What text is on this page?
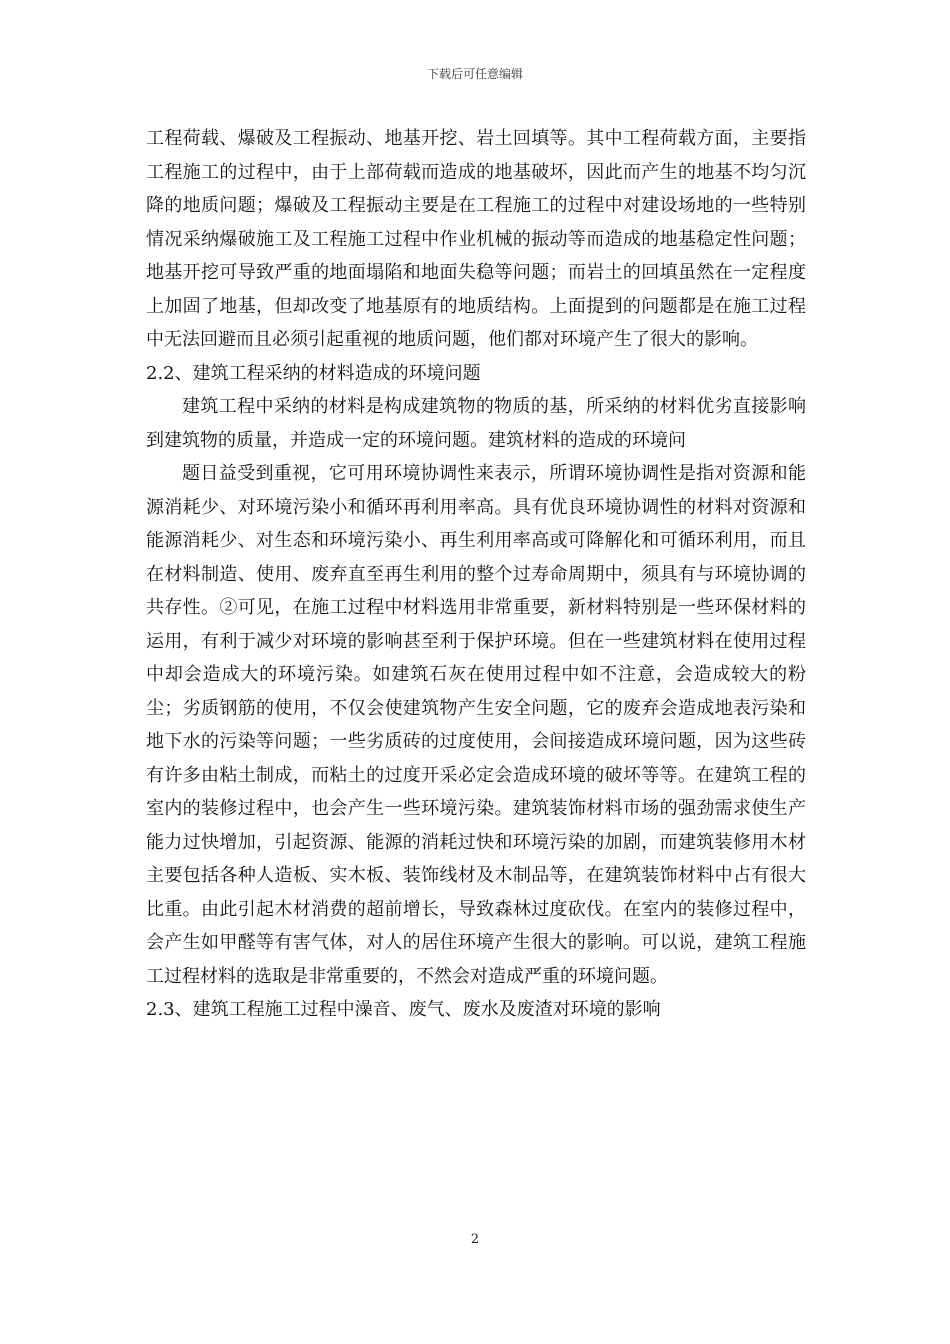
下载后可任意编辑

工程荷载、爆破及工程振动、地基开挖、岩土回填等。其中工程荷载方面，主要指工程施工的过程中，由于上部荷载而造成的地基破坏，因此而产生的地基不均匀沉降的地质问题；爆破及工程振动主要是在工程施工的过程中对建设场地的一些特别情况采纳爆破施工及工程施工过程中作业机械的振动等而造成的地基稳定性问题；地基开挖可导致严重的地面塌陷和地面失稳等问题；而岩土的回填虽然在一定程度上加固了地基，但却改变了地基原有的地质结构。上面提到的问题都是在施工过程中无法回避而且必须引起重视的地质问题，他们都对环境产生了很大的影响。

2.2、建筑工程采纳的材料造成的环境问题

建筑工程中采纳的材料是构成建筑物的物质的基，所采纳的材料优劣直接影响到建筑物的质量，并造成一定的环境问题。建筑材料的造成的环境问

题日益受到重视，它可用环境协调性来表示，所谓环境协调性是指对资源和能源消耗少、对环境污染小和循环再利用率高。具有优良环境协调性的材料对资源和能源消耗少、对生态和环境污染小、再生利用率高或可降解化和可循环利用，而且在材料制造、使用、废弃直至再生利用的整个过寿命周期中，须具有与环境协调的共存性。②可见，在施工过程中材料选用非常重要，新材料特别是一些环保材料的运用，有利于减少对环境的影响甚至利于保护环境。但在一些建筑材料在使用过程中却会造成大的环境污染。如建筑石灰在使用过程中如不注意，会造成较大的粉尘；劣质钢筋的使用，不仅会使建筑物产生安全问题，它的废弃会造成地表污染和地下水的污染等问题；一些劣质砖的过度使用，会间接造成环境问题，因为这些砖有许多由粘土制成，而粘土的过度开采必定会造成环境的破坏等等。在建筑工程的室内的装修过程中，也会产生一些环境污染。建筑装饰材料市场的强劲需求使生产能力过快增加，引起资源、能源的消耗过快和环境污染的加剧，而建筑装修用木材主要包括各种人造板、实木板、装饰线材及木制品等，在建筑装饰材料中占有很大比重。由此引起木材消费的超前增长，导致森林过度砍伐。在室内的装修过程中，会产生如甲醛等有害气体，对人的居住环境产生很大的影响。可以说，建筑工程施工过程材料的选取是非常重要的，不然会对造成严重的环境问题。

2.3、建筑工程施工过程中澡音、废气、废水及废渣对环境的影响

2
